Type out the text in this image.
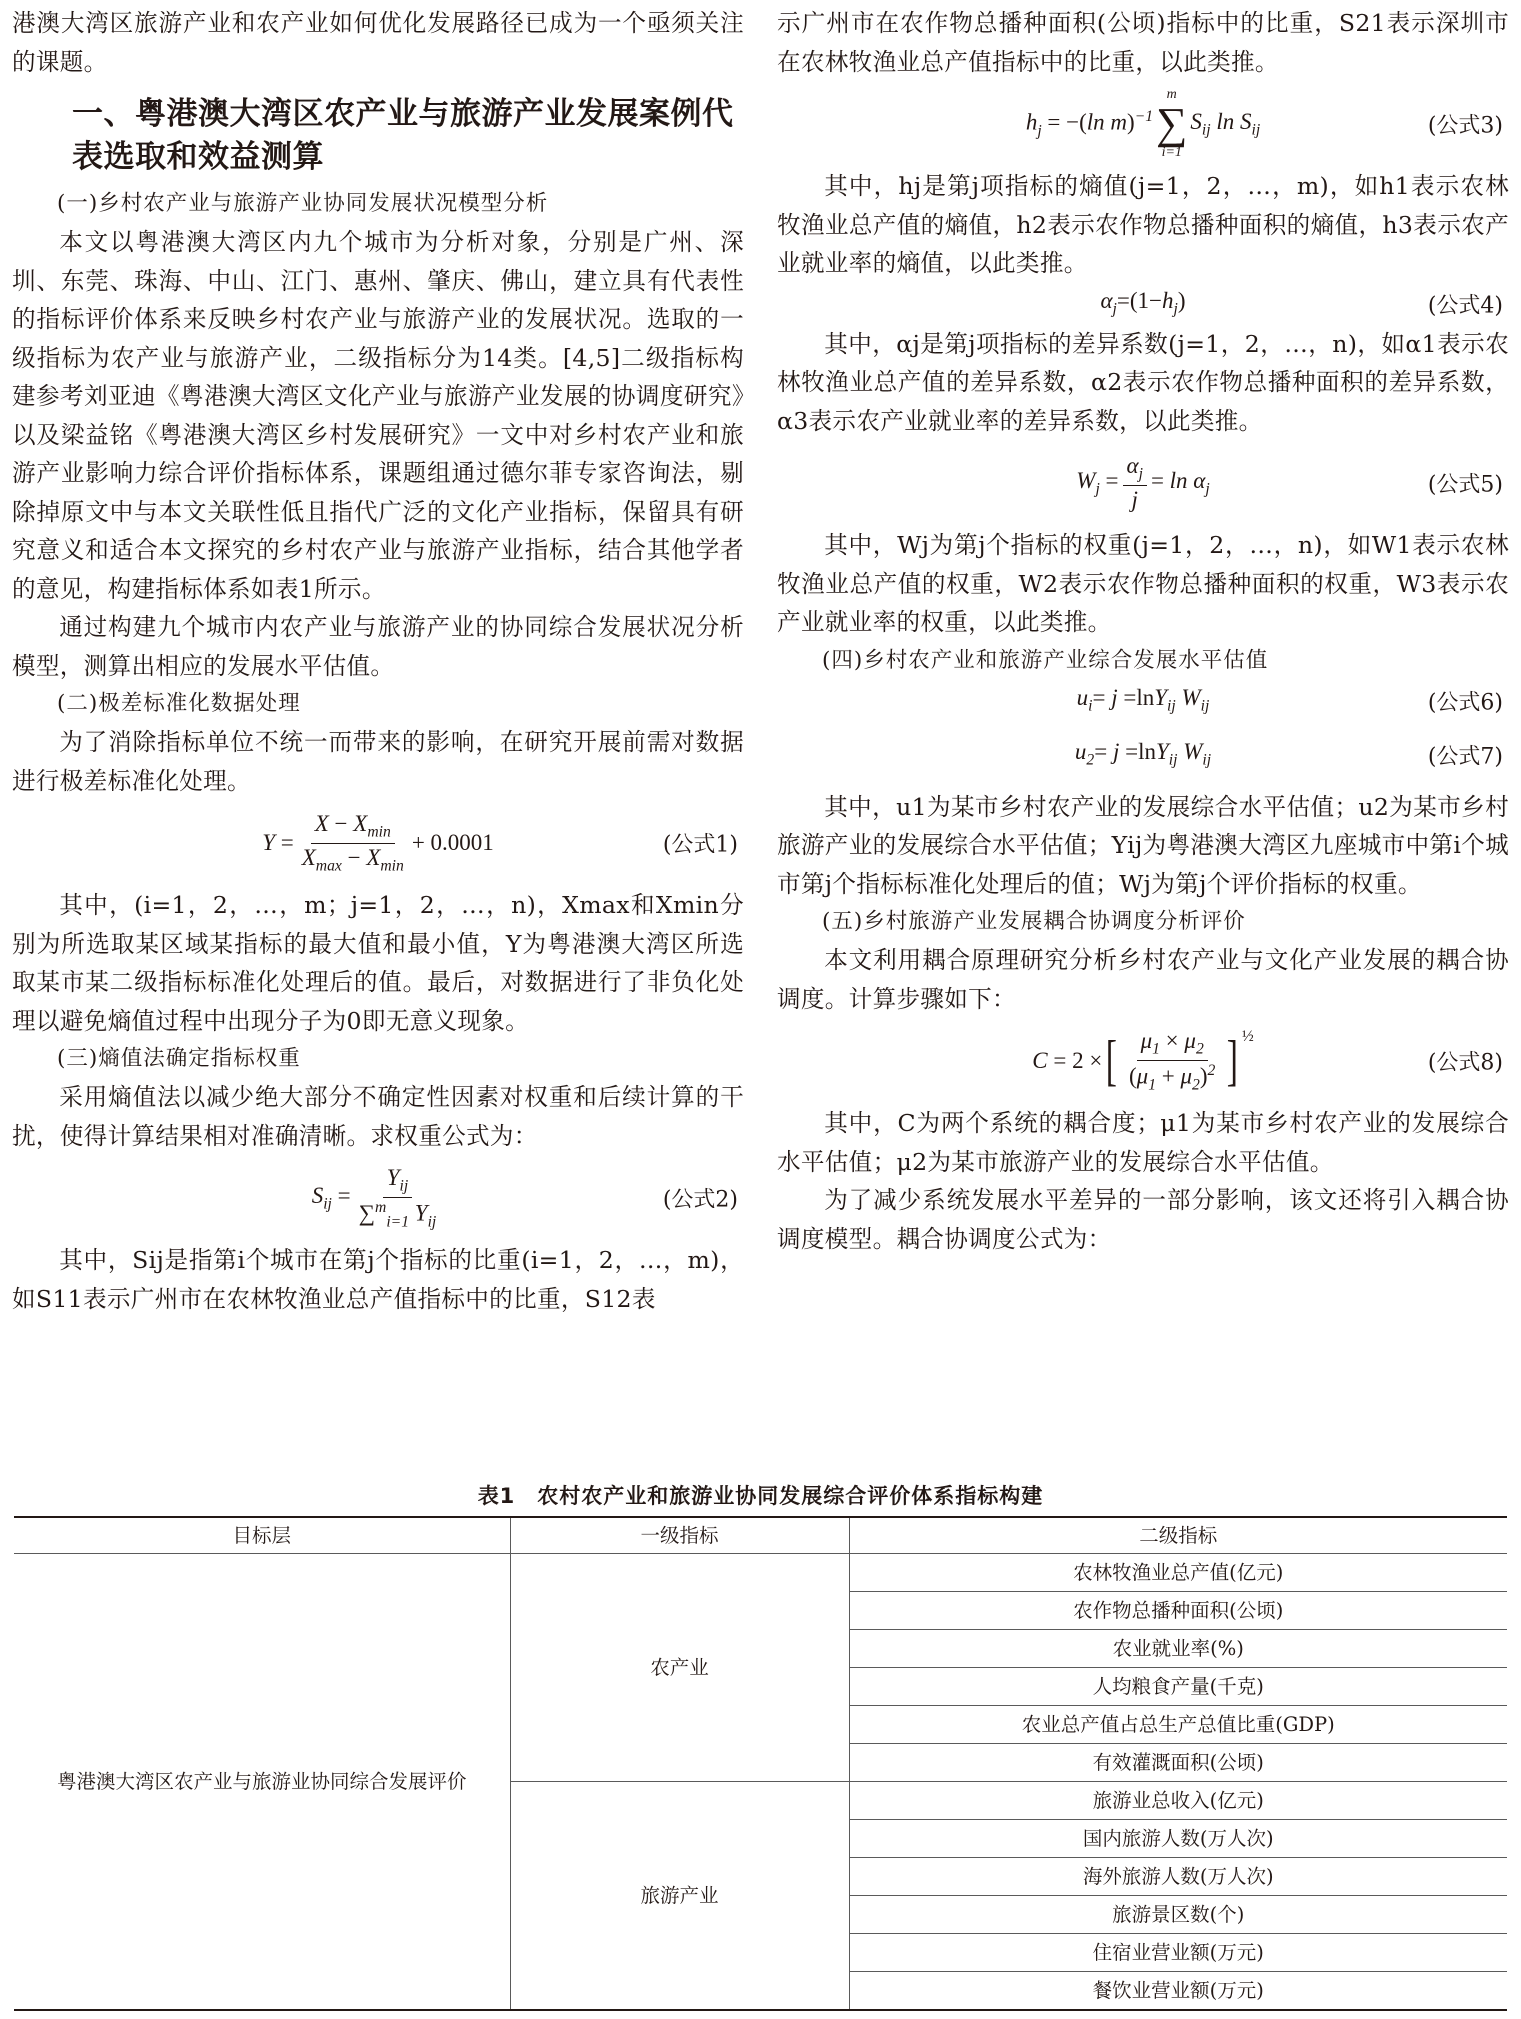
港澳大湾区旅游产业和农产业如何优化发展路径已成为一个亟须关注的课题。

一、粤港澳大湾区农产业与旅游产业发展案例代表选取和效益测算
(一)乡村农产业与旅游产业协同发展状况模型分析

本文以粤港澳大湾区内九个城市为分析对象，分别是广州、深圳、东莞、珠海、中山、江门、惠州、肇庆、佛山，建立具有代表性的指标评价体系来反映乡村农产业与旅游产业的发展状况。选取的一级指标为农产业与旅游产业，二级指标分为14类。[4,5]二级指标构建参考刘亚迪《粤港澳大湾区文化产业与旅游产业发展的协调度研究》以及梁益铭《粤港澳大湾区乡村发展研究》一文中对乡村农产业和旅游产业影响力综合评价指标体系，课题组通过德尔菲专家咨询法，剔除掉原文中与本文关联性低且指代广泛的文化产业指标，保留具有研究意义和适合本文探究的乡村农产业与旅游产业指标，结合其他学者的意见，构建指标体系如表1所示。

通过构建九个城市内农产业与旅游产业的协同综合发展状况分析模型，测算出相应的发展水平估值。

(二)极差标准化数据处理

为了消除指标单位不统一而带来的影响，在研究开展前需对数据进行极差标准化处理。

$Y = \frac{X - X_{min}}{X_{max} - X_{min}} + 0.0001$	(公式1)

其中，(i=1，2，…，m；j=1，2，…，n)，Xmax和Xmin分别为所选取某区域某指标的最大值和最小值，Y为粤港澳大湾区所选取某市某二级指标标准化处理后的值。最后，对数据进行了非负化处理以避免熵值过程中出现分子为0即无意义现象。

(三)熵值法确定指标权重

采用熵值法以减少绝大部分不确定性因素对权重和后续计算的干扰，使得计算结果相对准确清晰。求权重公式为：

$S_{ij} = \frac{Y_{ij}}{\sum^m_{i=1} Y_{ij}}$	(公式2)

其中，Sij是指第i个城市在第j个指标的比重(i=1，2，…，m)，如S11表示广州市在农林牧渔业总产值指标中的比重，S12表

示广州市在农作物总播种面积(公顷)指标中的比重，S21表示深圳市在农林牧渔业总产值指标中的比重，以此类推。

$h_j = -(\ln$ m)$^{-1}$
m
∑
i=1
$S_{ij}$ $\ln S_{ij}$	(公式3)

其中，hj是第j项指标的熵值(j=1，2，…，m)，如h1表示农林牧渔业总产值的熵值，h2表示农作物总播种面积的熵值，h3表示农产业就业率的熵值，以此类推。

$\alpha_j=(1-h_j)$	(公式4)

其中，αj是第j项指标的差异系数(j=1，2，…，n)，如α1表示农林牧渔业总产值的差异系数，α2表示农作物总播种面积的差异系数，α3表示农产业就业率的差异系数，以此类推。

$W_j = \frac{\alpha_j}{j} = \ln \alpha_j$	(公式5)

其中，Wj为第j个指标的权重(j=1，2，…，n)，如W1表示农林牧渔业总产值的权重，W2表示农作物总播种面积的权重，W3表示农产业就业率的权重，以此类推。

(四)乡村农产业和旅游产业综合发展水平估值
$u_i= j =\ln Y_{ij}$ $W_{ij}$	(公式6)
$u_2= j =\ln Y_{ij}$ $W_{ij}$	(公式7)

其中，u1为某市乡村农产业的发展综合水平估值；u2为某市乡村旅游产业的发展综合水平估值；Yij为粤港澳大湾区九座城市中第i个城市第j个指标标准化处理后的值；Wj为第j个评价指标的权重。

(五)乡村旅游产业发展耦合协调度分析评价

本文利用耦合原理研究分析乡村农产业与文化产业发展的耦合协调度。计算步骤如下：

C = 2 × [ $\frac{\mu_1 \times \mu_2}{(\mu_1 + \mu_2)^2} ]^{\frac{1}{2}}$
(公式8)

其中，C为两个系统的耦合度；μ1为某市乡村农产业的发展综合水平估值；μ2为某市旅游产业的发展综合水平估值。

为了减少系统发展水平差异的一部分影响，该文还将引入耦合协调度模型。耦合协调度公式为：

表1　农村农产业和旅游业协同发展综合评价体系指标构建
目标层	一级指标	二级指标
粤港澳大湾区农产业与旅游业协同综合发展评价	农产业	农林牧渔业总产值(亿元)
		农作物总播种面积(公顷)
		农业就业率(%)
		人均粮食产量(千克)
		农业总产值占总生产总值比重(GDP)
		有效灌溉面积(公顷)
	旅游产业	旅游业总收入(亿元)
		国内旅游人数(万人次)
		海外旅游人数(万人次)
		旅游景区数(个)
		住宿业营业额(万元)
		餐饮业营业额(万元)
